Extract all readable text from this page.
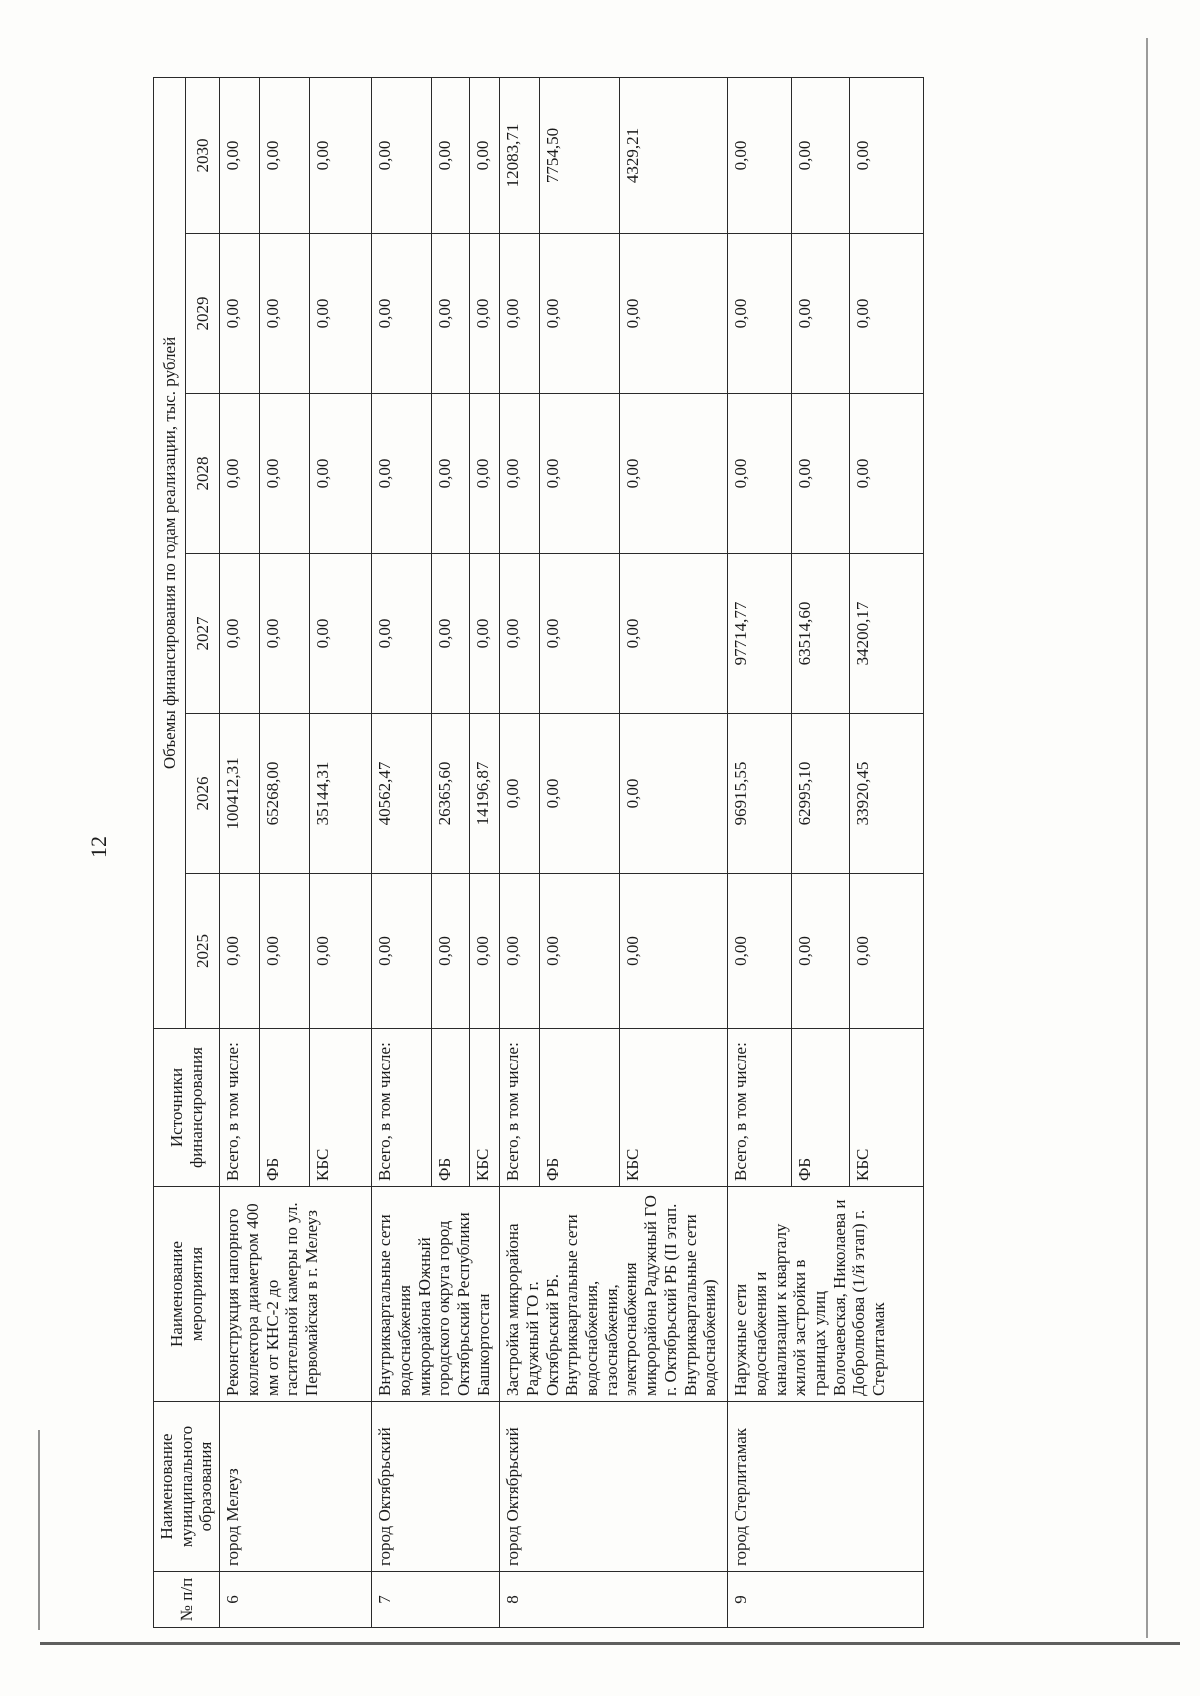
12
№ п/п	Наименование муниципального образования	Наименование мероприятия	Источники финансирования	Объемы финансирования по годам реализации, тыс. рублей					
				2025	2026	2027	2028	2029	2030
6	город Мелеуз	Реконструкция напорного коллектора диаметром 400 мм от КНС-2 до гасительной камеры по ул. Первомайская в г. Мелеуз	Всего, в том числе:	0,00	100412,31	0,00	0,00	0,00	0,00
			ФБ	0,00	65268,00	0,00	0,00	0,00	0,00
			КБС	0,00	35144,31	0,00	0,00	0,00	0,00
7	город Октябрьский	Внутриквартальные сети водоснабжения микрорайона Южный городского округа город Октябрьский Республики Башкортостан	Всего, в том числе:	0,00	40562,47	0,00	0,00	0,00	0,00
			ФБ	0,00	26365,60	0,00	0,00	0,00	0,00
			КБС	0,00	14196,87	0,00	0,00	0,00	0,00
8	город Октябрьский	Застройка микрорайона Радужный ГО г. Октябрьский РБ. Внутриквартальные сети водоснабжения, газоснабжения, электроснабжения микрорайона Радужный ГО г. Октябрьский РБ (II этап. Внутриквартальные сети водоснабжения)	Всего, в том числе:	0,00	0,00	0,00	0,00	0,00	12083,71
			ФБ	0,00	0,00	0,00	0,00	0,00	7754,50
			КБС	0,00	0,00	0,00	0,00	0,00	4329,21
9	город Стерлитамак	Наружные сети водоснабжения и канализации к кварталу жилой застройки в границах улиц Волочаевская, Николаева и Добролюбова (1/й этап) г. Стерлитамак	Всего, в том числе:	0,00	96915,55	97714,77	0,00	0,00	0,00
			ФБ	0,00	62995,10	63514,60	0,00	0,00	0,00
			КБС	0,00	33920,45	34200,17	0,00	0,00	0,00
